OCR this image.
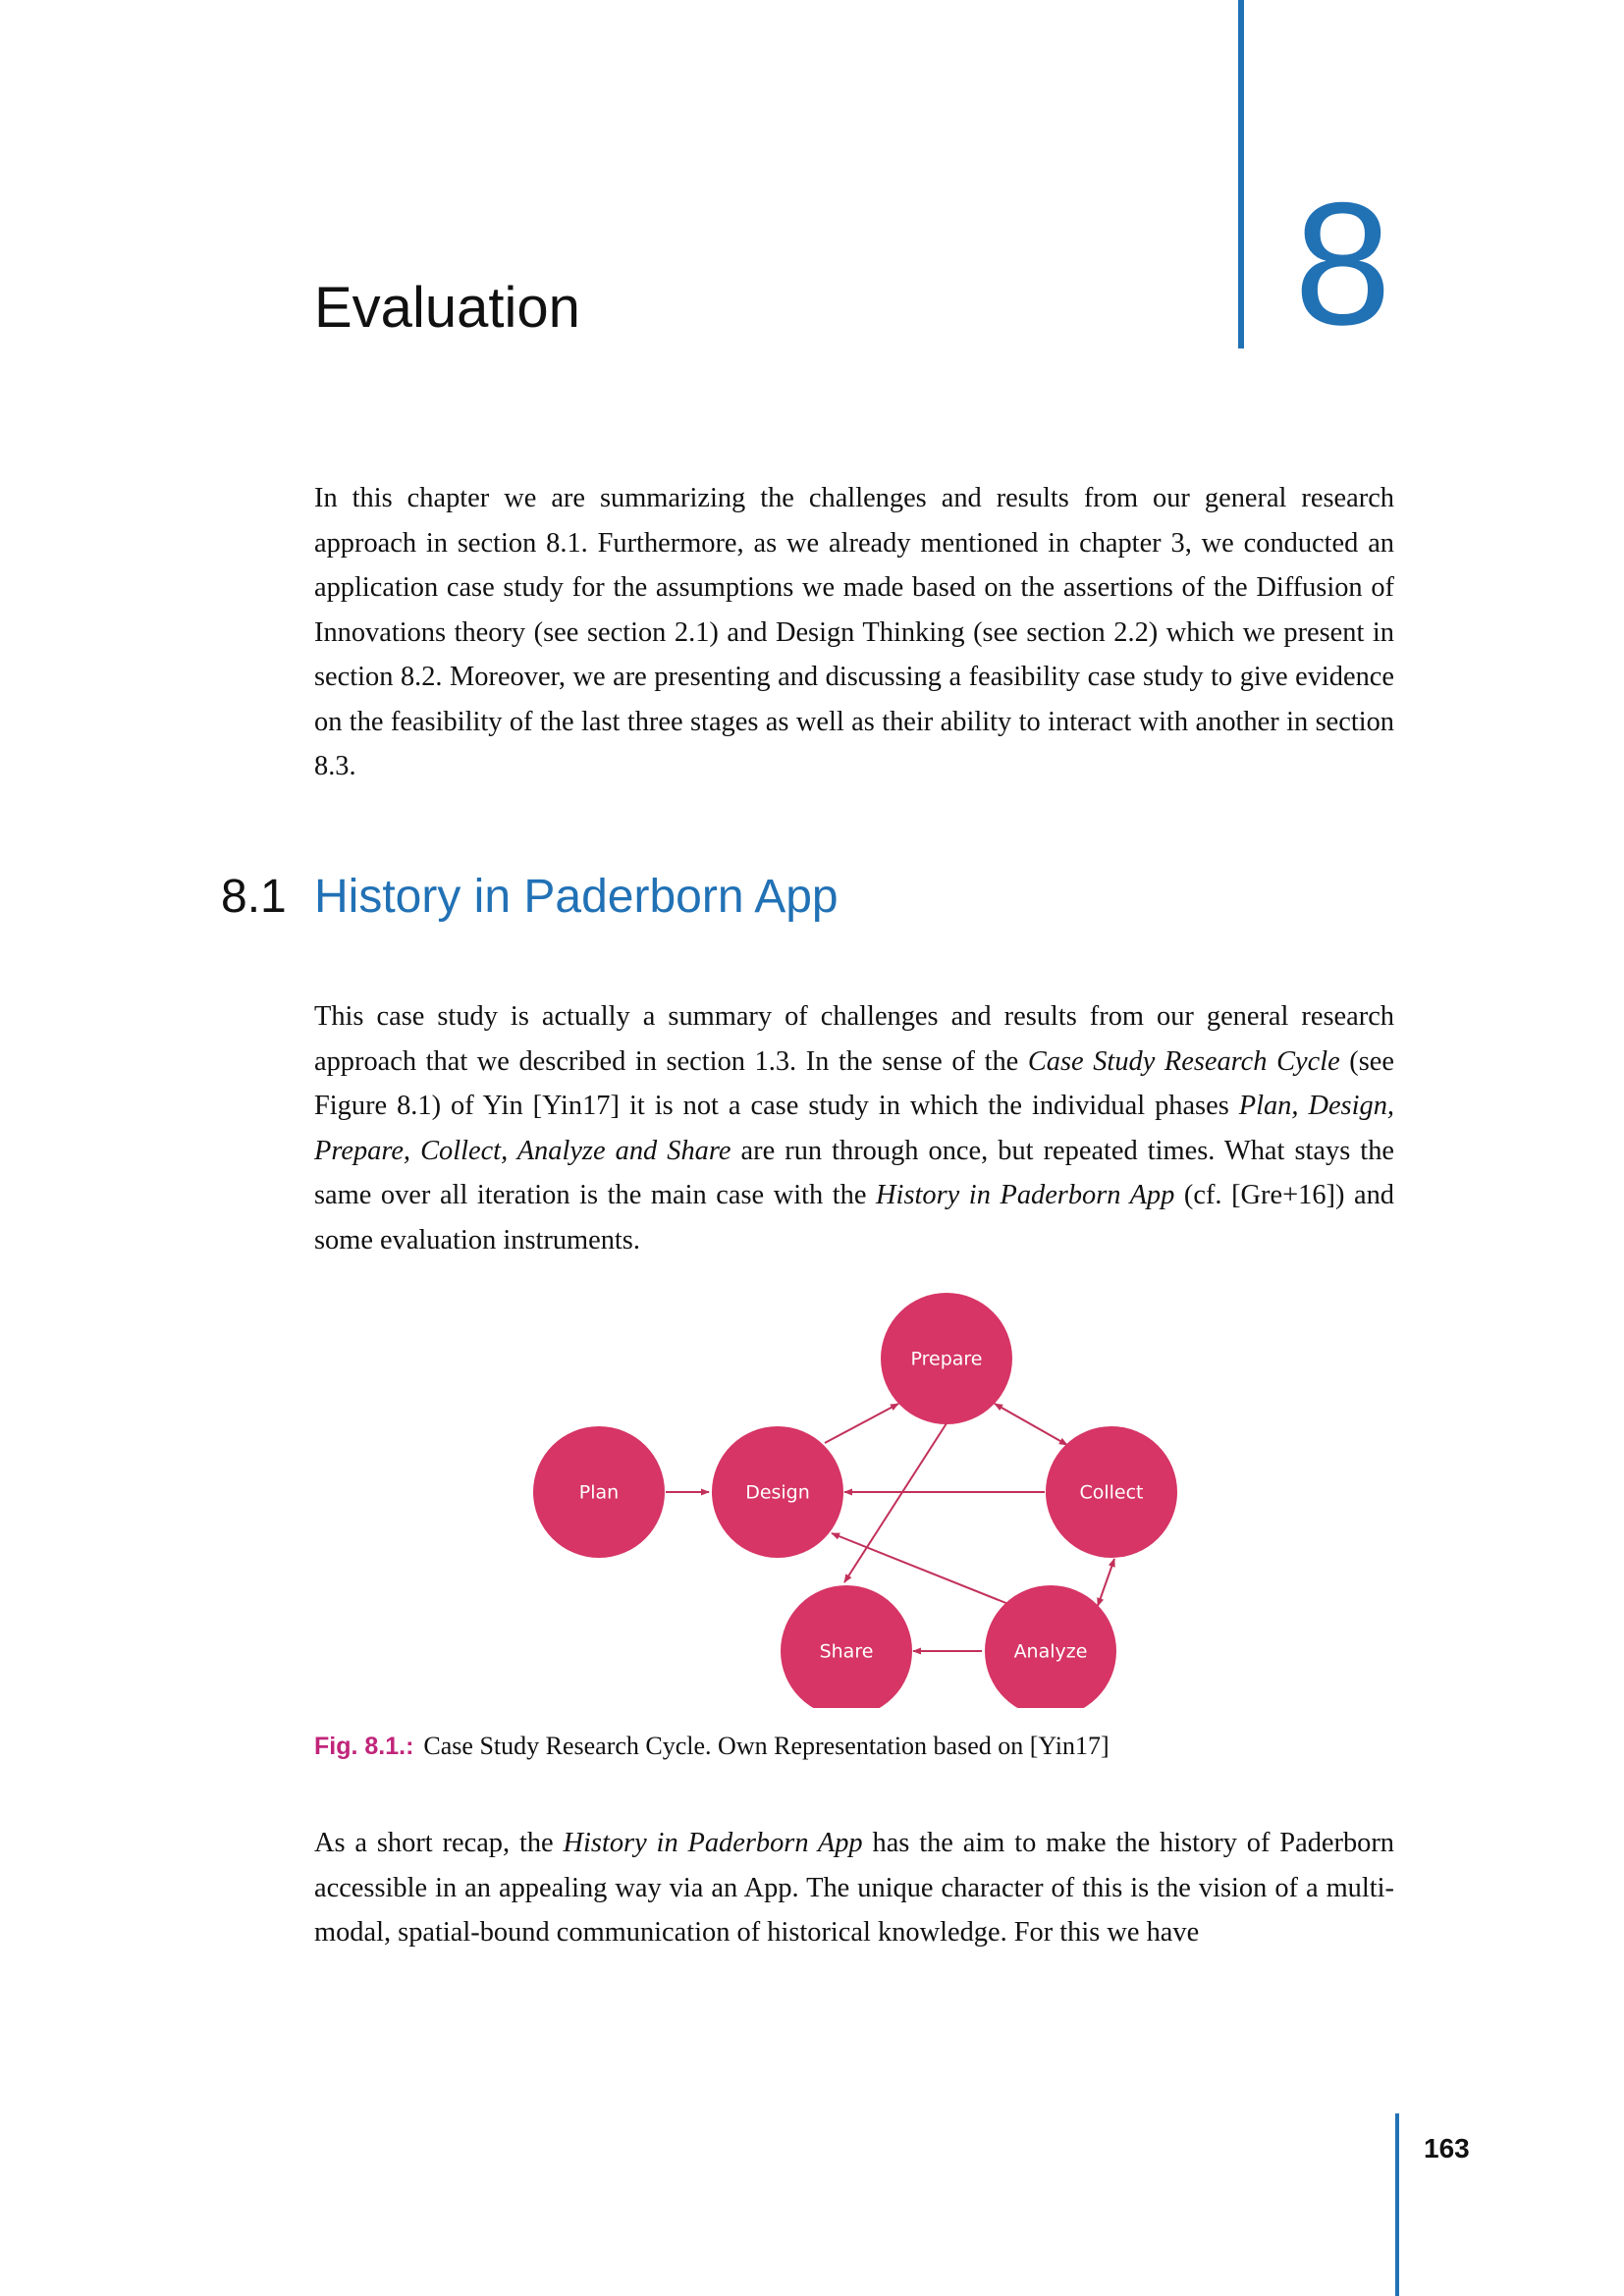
8
Evaluation

In this chapter we are summarizing the challenges and results from our general research approach in section 8.1. Furthermore, as we already mentioned in chapter 3, we conducted an application case study for the assumptions we made based on the assertions of the Diffusion of Innovations theory (see section 2.1) and Design Thinking (see section 2.2) which we present in section 8.2. Moreover, we are presenting and discussing a feasibility case study to give evidence on the feasibility of the last three stages as well as their ability to interact with another in section 8.3.

8.1 History in Paderborn App

This case study is actually a summary of challenges and results from our general research approach that we described in section 1.3. In the sense of the Case Study Research Cycle (see Figure 8.1) of Yin [Yin17] it is not a case study in which the individual phases Plan, Design, Prepare, Collect, Analyze and Share are run through once, but repeated times. What stays the same over all iteration is the main case with the History in Paderborn App (cf. [Gre+16]) and some evaluation instruments.

Prepare
Plan	Design	Collect
Share	Analyze

Fig. 8.1.: Case Study Research Cycle. Own Representation based on [Yin17]

As a short recap, the History in Paderborn App has the aim to make the history of Paderborn accessible in an appealing way via an App. The unique character of this is the vision of a multi-modal, spatial-bound communication of historical knowledge. For this we have

163
